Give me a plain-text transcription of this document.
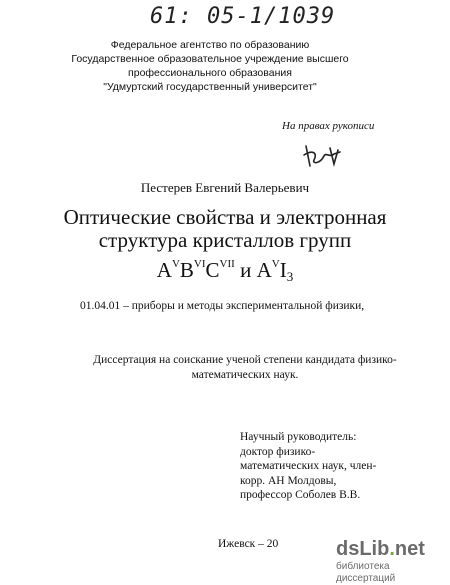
61: 05-1/1039
Федеральное агентство по образованию
Государственное образовательное учреждение высшего
профессионального образования
"Удмуртский государственный университет"
На правах рукописи
Пестерев Евгений Валерьевич
Оптические свойства и электронная
структура кристаллов групп
$A^VB^{VI}C^{VII}$ и $A^VI_3$
01.04.01 – приборы и методы экспериментальной физики,
Диссертация на соискание ученой степени кандидата физико-
математических наук.
Научный руководитель:
доктор физико-
математических наук, член-
корр. АН Молдовы,
профессор Соболев В.В.
Ижевск – 20	dsLib.net
библиотека диссертаций
